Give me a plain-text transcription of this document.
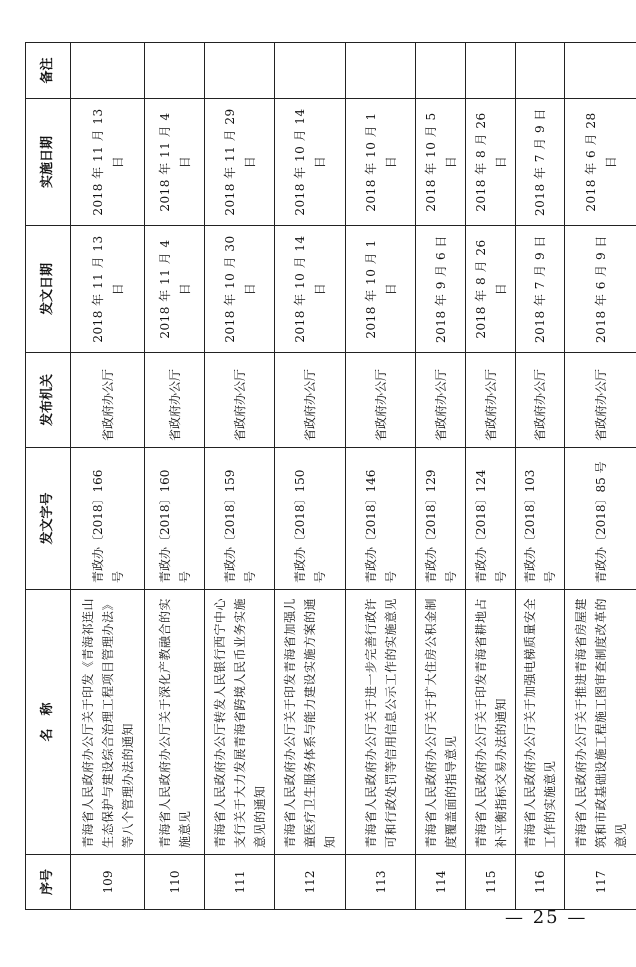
序号	名　称	发文字号	发布机关	发文日期	实施日期	备注
109	青海省人民政府办公厅关于印发《青海祁连山生态保护与建设综合治理工程项目管理办法》等八个管理办法的通知	青政办〔2018〕166 号	省政府办公厅	2018 年 11 月 13 日	2018 年 11 月 13 日	
110	青海省人民政府办公厅关于深化产教融合的实施意见	青政办〔2018〕160 号	省政府办公厅	2018 年 11 月 4 日	2018 年 11 月 4 日	
111	青海省人民政府办公厅转发人民银行西宁中心支行关于大力发展青海省跨境人民币业务实施意见的通知	青政办〔2018〕159 号	省政府办公厅	2018 年 10 月 30 日	2018 年 11 月 29 日	
112	青海省人民政府办公厅关于印发青海省加强儿童医疗卫生服务体系与能力建设实施方案的通知	青政办〔2018〕150 号	省政府办公厅	2018 年 10 月 14 日	2018 年 10 月 14 日	
113	青海省人民政府办公厅关于进一步完善行政许可和行政处罚等信用信息公示工作的实施意见	青政办〔2018〕146 号	省政府办公厅	2018 年 10 月 1 日	2018 年 10 月 1 日	
114	青海省人民政府办公厅关于扩大住房公积金制度覆盖面的指导意见	青政办〔2018〕129 号	省政府办公厅	2018 年 9 月 6 日	2018 年 10 月 5 日	
115	青海省人民政府办公厅关于印发青海省耕地占补平衡指标交易办法的通知	青政办〔2018〕124 号	省政府办公厅	2018 年 8 月 26 日	2018 年 8 月 26 日	
116	青海省人民政府办公厅关于加强电梯质量安全工作的实施意见	青政办〔2018〕103 号	省政府办公厅	2018 年 7 月 9 日	2018 年 7 月 9 日	
117	青海省人民政府办公厅关于推进青海省房屋建筑和市政基础设施工程施工图审查制度改革的意见	青政办〔2018〕85 号	省政府办公厅	2018 年 6 月 9 日	2018 年 6 月 28 日	
— 25 —
